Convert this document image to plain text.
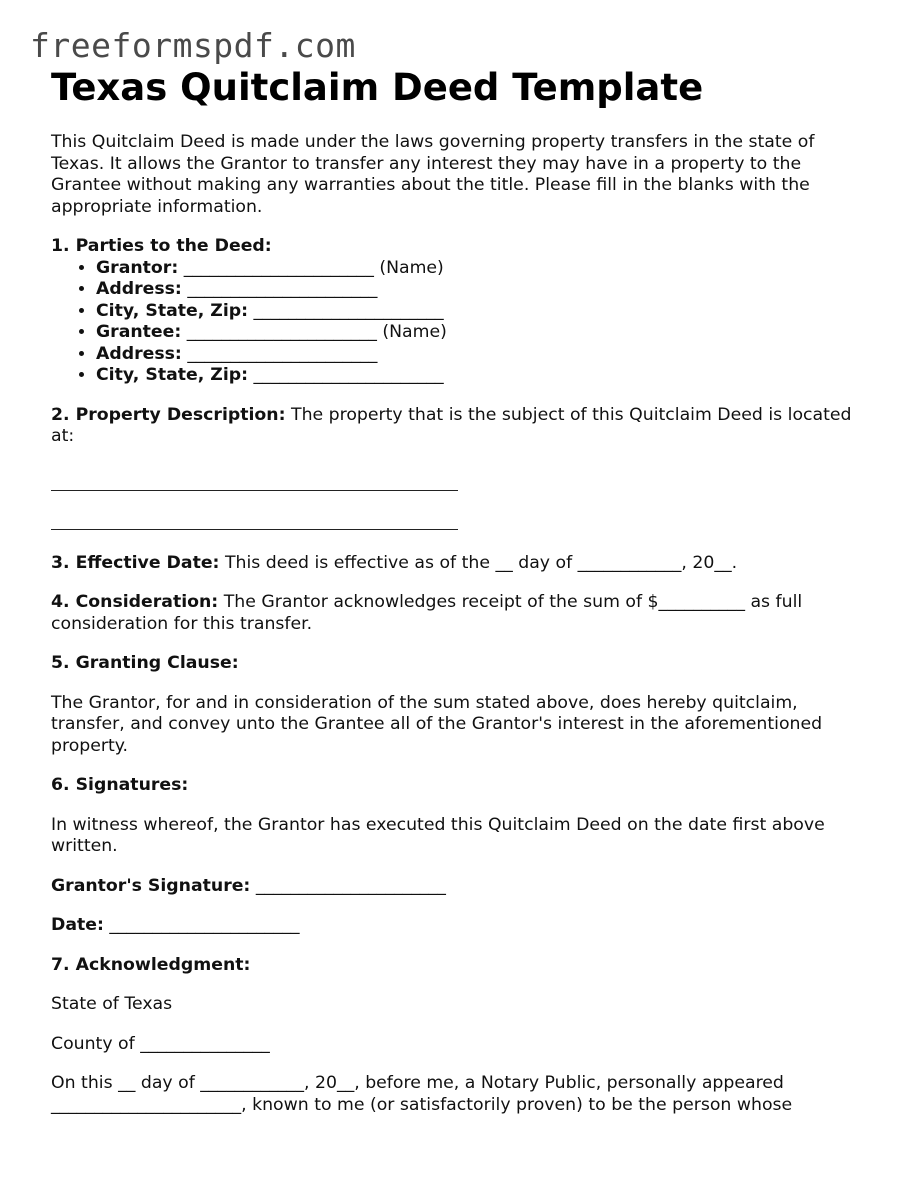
freeformspdf.com
Texas Quitclaim Deed Template

This Quitclaim Deed is made under the laws governing property transfers in the state of Texas. It allows the Grantor to transfer any interest they may have in a property to the Grantee without making any warranties about the title. Please fill in the blanks with the appropriate information.

1. Parties to the Deed:

• Grantor: ______________________ (Name)
• Address: ______________________
• City, State, Zip: ______________________
• Grantee: ______________________ (Name)
• Address: ______________________
• City, State, Zip: ______________________

2. Property Description: The property that is the subject of this Quitclaim Deed is located at:

3. Effective Date: This deed is effective as of the __ day of ____________, 20__.

4. Consideration: The Grantor acknowledges receipt of the sum of $__________ as full consideration for this transfer.

5. Granting Clause:

The Grantor, for and in consideration of the sum stated above, does hereby quitclaim, transfer, and convey unto the Grantee all of the Grantor's interest in the aforementioned property.

6. Signatures:

In witness whereof, the Grantor has executed this Quitclaim Deed on the date first above written.

Grantor's Signature: ______________________

Date: ______________________

7. Acknowledgment:

State of Texas

County of _______________

On this __ day of ____________, 20__, before me, a Notary Public, personally appeared ______________________, known to me (or satisfactorily proven) to be the person whose
